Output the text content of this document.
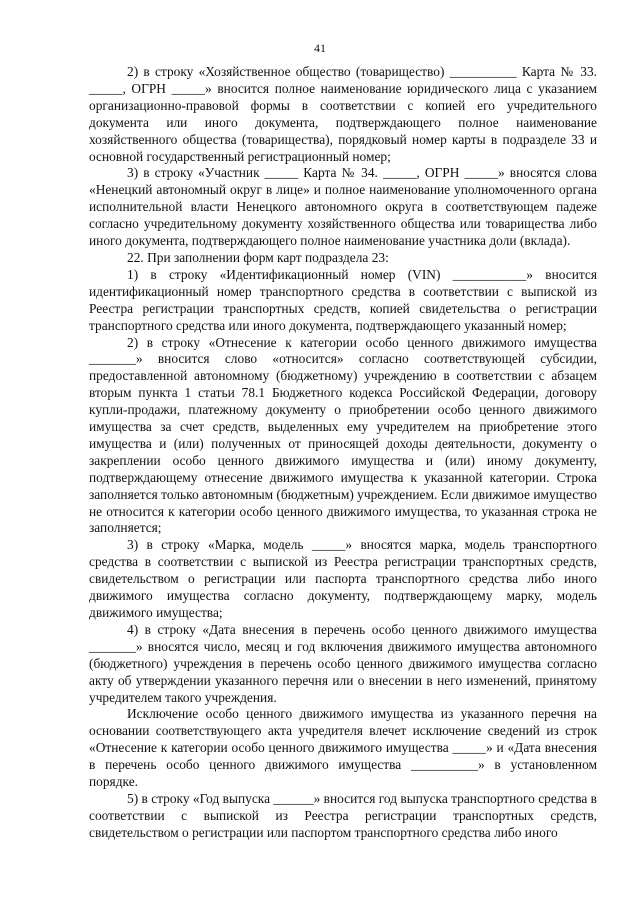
41

2) в строку «Хозяйственное общество (товарищество) __________ Карта № 33. _____, ОГРН _____» вносится полное наименование юридического лица с указанием организационно-правовой формы в соответствии с копией его учредительного документа или иного документа, подтверждающего полное наименование хозяйственного общества (товарищества), порядковый номер карты в подразделе 33 и основной государственный регистрационный номер;

3) в строку «Участник _____ Карта № 34. _____, ОГРН _____» вносятся слова «Ненецкий автономный округ в лице» и полное наименование уполномоченного органа исполнительной власти Ненецкого автономного округа в соответствующем падеже согласно учредительному документу хозяйственного общества или товарищества либо иного документа, подтверждающего полное наименование участника доли (вклада).

22. При заполнении форм карт подраздела 23:

1) в строку «Идентификационный номер (VIN) ___________» вносится идентификационный номер транспортного средства в соответствии с выпиской из Реестра регистрации транспортных средств, копией свидетельства о регистрации транспортного средства или иного документа, подтверждающего указанный номер;

2) в строку «Отнесение к категории особо ценного движимого имущества _______» вносится слово «относится» согласно соответствующей субсидии, предоставленной автономному (бюджетному) учреждению в соответствии с абзацем вторым пункта 1 статьи 78.1 Бюджетного кодекса Российской Федерации, договору купли-продажи, платежному документу о приобретении особо ценного движимого имущества за счет средств, выделенных ему учредителем на приобретение этого имущества и (или) полученных от приносящей доходы деятельности, документу о закреплении особо ценного движимого имущества и (или) иному документу, подтверждающему отнесение движимого имущества к указанной категории. Строка заполняется только автономным (бюджетным) учреждением. Если движимое имущество не относится к категории особо ценного движимого имущества, то указанная строка не заполняется;

3) в строку «Марка, модель _____» вносятся марка, модель транспортного средства в соответствии с выпиской из Реестра регистрации транспортных средств, свидетельством о регистрации или паспорта транспортного средства либо иного движимого имущества согласно документу, подтверждающему марку, модель движимого имущества;

4) в строку «Дата внесения в перечень особо ценного движимого имущества _______» вносятся число, месяц и год включения движимого имущества автономного (бюджетного) учреждения в перечень особо ценного движимого имущества согласно акту об утверждении указанного перечня или о внесении в него изменений, принятому учредителем такого учреждения.

Исключение особо ценного движимого имущества из указанного перечня на основании соответствующего акта учредителя влечет исключение сведений из строк «Отнесение к категории особо ценного движимого имущества _____» и «Дата внесения в перечень особо ценного движимого имущества __________» в установленном порядке.

5) в строку «Год выпуска ______» вносится год выпуска транспортного средства в соответствии с выпиской из Реестра регистрации транспортных средств, свидетельством о регистрации или паспортом транспортного средства либо иного
